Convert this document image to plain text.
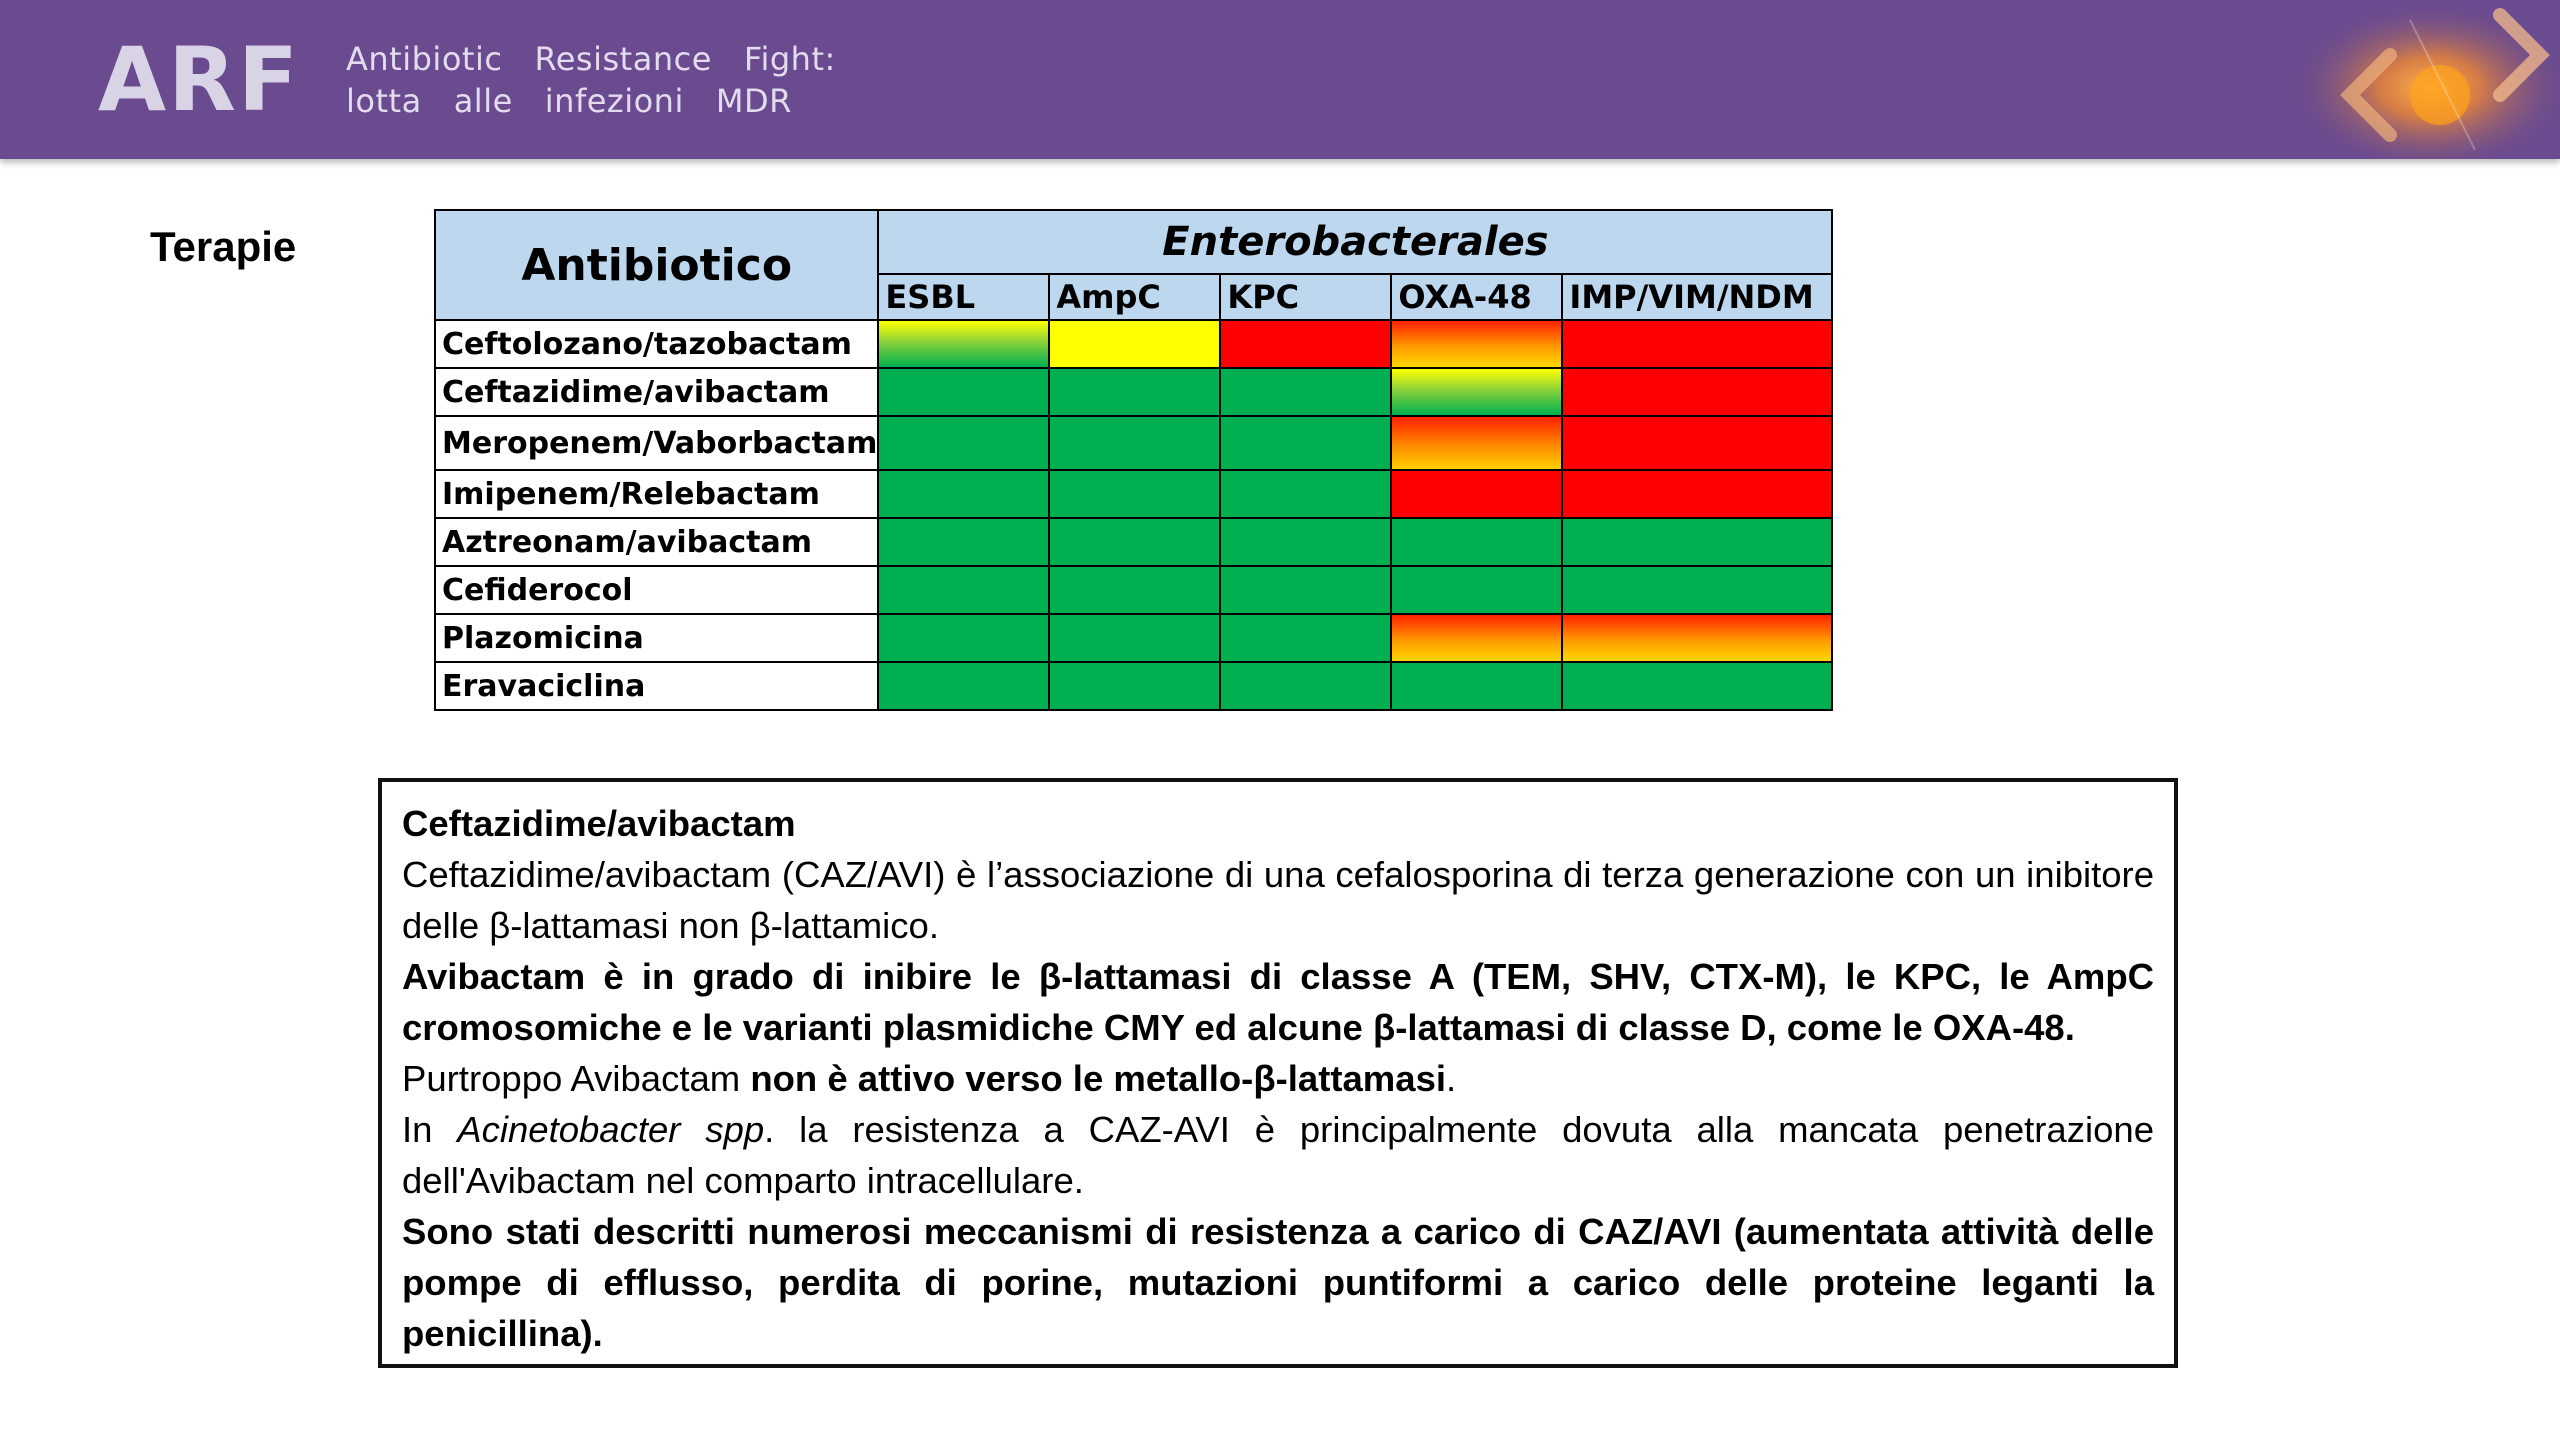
ARF Antibiotic   Resistance   Fight:
lotta   alle   infezioni   MDR
Terapie	Antibiotico	Enterobacterales				
	ESBL	AmpC	KPC	OXA-48	IMP/VIM/NDM
Ceftolozano/tazobactam					
Ceftazidime/avibactam					
Meropenem/Vaborbactam					
Imipenem/Relebactam					
Aztreonam/avibactam					
Cefiderocol					
Plazomicina					
Eravaciclina					

Ceftazidime/avibactam

Ceftazidime/avibactam (CAZ/AVI) è l’associazione di una cefalosporina di terza generazione con un inibitore delle β-lattamasi non β-lattamico.

Avibactam è in grado di inibire le β-lattamasi di classe A (TEM, SHV, CTX-M), le KPC, le AmpC cromosomiche e le varianti plasmidiche CMY ed alcune β-lattamasi di classe D, come le OXA-48.

Purtroppo Avibactam non è attivo verso le metallo-β-lattamasi.

In Acinetobacter spp. la resistenza a CAZ-AVI è principalmente dovuta alla mancata penetrazione dell'Avibactam nel comparto intracellulare.

Sono stati descritti numerosi meccanismi di resistenza a carico di CAZ/AVI (aumentata attività delle pompe di efflusso, perdita di porine, mutazioni puntiformi a carico delle proteine leganti la penicillina).
